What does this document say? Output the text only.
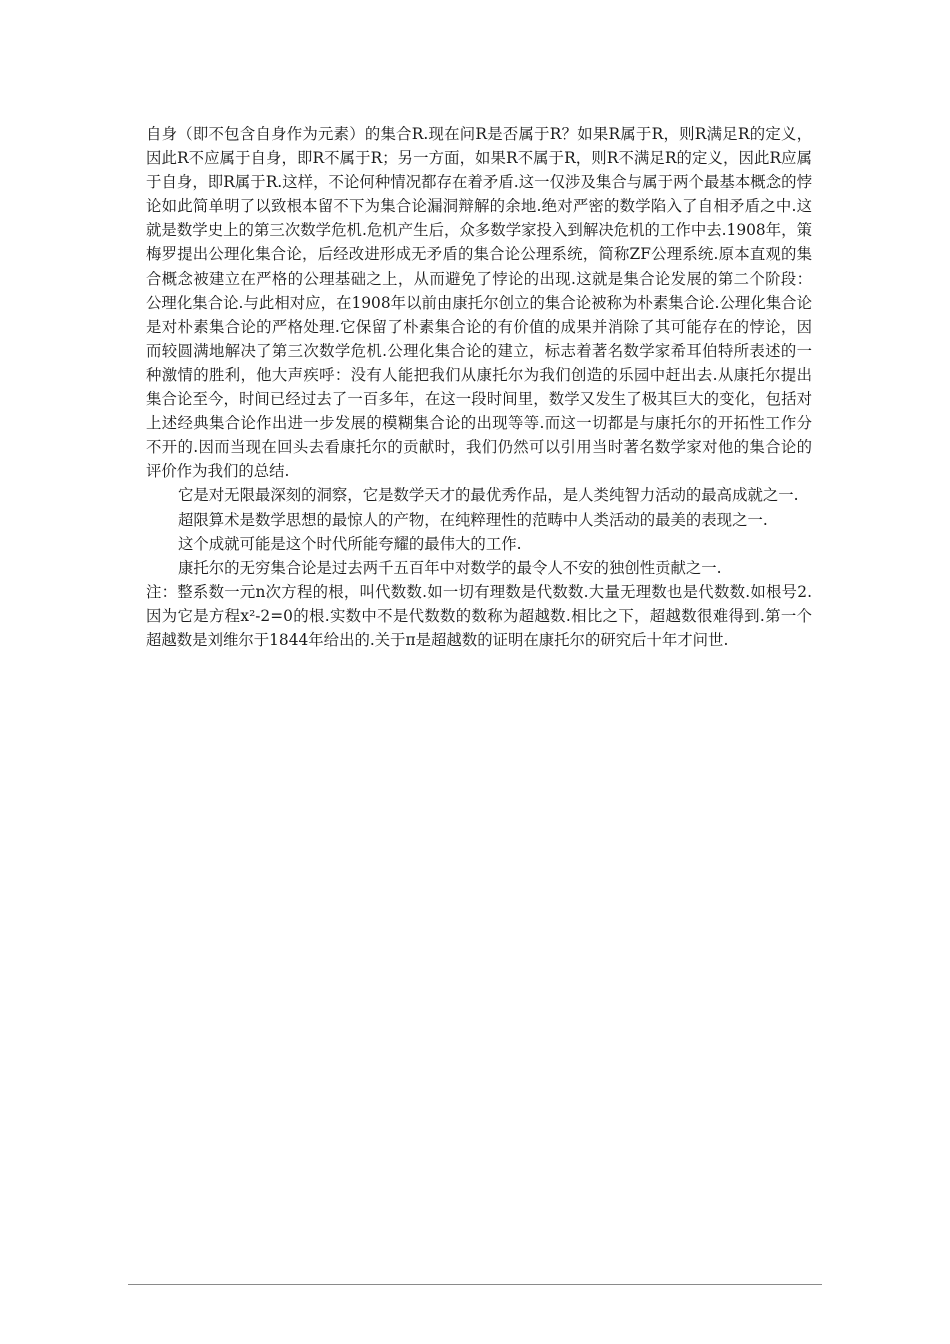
自身（即不包含自身作为元素）的集合R.现在问R是否属于R？如果R属于R，则R满足R的定义，因此R不应属于自身，即R不属于R；另一方面，如果R不属于R，则R不满足R的定义，因此R应属于自身，即R属于R.这样，不论何种情况都存在着矛盾.这一仅涉及集合与属于两个最基本概念的悖论如此简单明了以致根本留不下为集合论漏洞辩解的余地.绝对严密的数学陷入了自相矛盾之中.这就是数学史上的第三次数学危机.危机产生后，众多数学家投入到解决危机的工作中去.1908年，策梅罗提出公理化集合论，后经改进形成无矛盾的集合论公理系统，简称ZF公理系统.原本直观的集合概念被建立在严格的公理基础之上，从而避免了悖论的出现.这就是集合论发展的第二个阶段：公理化集合论.与此相对应，在1908年以前由康托尔创立的集合论被称为朴素集合论.公理化集合论是对朴素集合论的严格处理.它保留了朴素集合论的有价值的成果并消除了其可能存在的悖论，因而较圆满地解决了第三次数学危机.公理化集合论的建立，标志着著名数学家希耳伯特所表述的一种激情的胜利，他大声疾呼：没有人能把我们从康托尔为我们创造的乐园中赶出去.从康托尔提出集合论至今，时间已经过去了一百多年，在这一段时间里，数学又发生了极其巨大的变化，包括对上述经典集合论作出进一步发展的模糊集合论的出现等等.而这一切都是与康托尔的开拓性工作分不开的.因而当现在回头去看康托尔的贡献时，我们仍然可以引用当时著名数学家对他的集合论的评价作为我们的总结.

它是对无限最深刻的洞察，它是数学天才的最优秀作品，是人类纯智力活动的最高成就之一.

超限算术是数学思想的最惊人的产物，在纯粹理性的范畴中人类活动的最美的表现之一.

这个成就可能是这个时代所能夸耀的最伟大的工作.

康托尔的无穷集合论是过去两千五百年中对数学的最令人不安的独创性贡献之一.

注：整系数一元n次方程的根，叫代数数.如一切有理数是代数数.大量无理数也是代数数.如根号2.因为它是方程x²-2=0的根.实数中不是代数数的数称为超越数.相比之下，超越数很难得到.第一个超越数是刘维尔于1844年给出的.关于π是超越数的证明在康托尔的研究后十年才问世.
